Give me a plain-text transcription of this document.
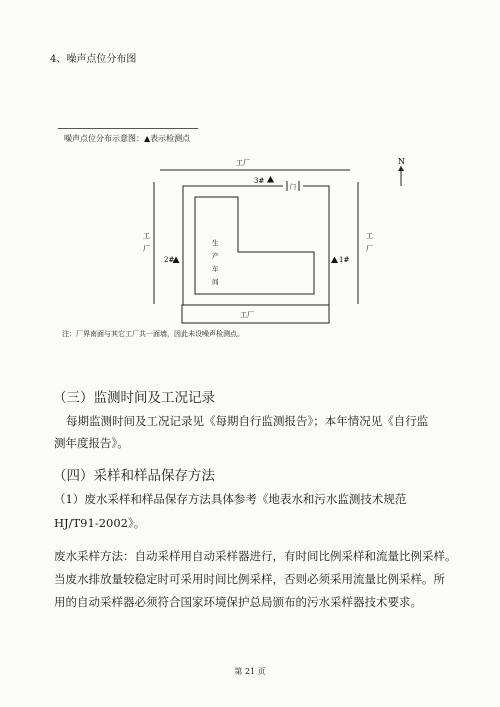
4、噪声点位分布图
噪声点位分布示意图：▲表示检测点
工厂
工
厂
工
厂
工厂
门
生
产
车
间
3#
2#	1#
N
注：厂界南面与其它工厂共一面墙，因此未设噪声检测点。
（三）监测时间及工况记录
每期监测时间及工况记录见《每期自行监测报告》；本年情况见《自行监
测年度报告》。
（四）采样和样品保存方法
（1）废水采样和样品保存方法具体参考《地表水和污水监测技术规范
HJ/T91-2002》。
废水采样方法：自动采样用自动采样器进行，有时间比例采样和流量比例采样。
当废水排放量较稳定时可采用时间比例采样，否则必须采用流量比例采样。所
用的自动采样器必须符合国家环境保护总局颁布的污水采样器技术要求。
第 21 页
